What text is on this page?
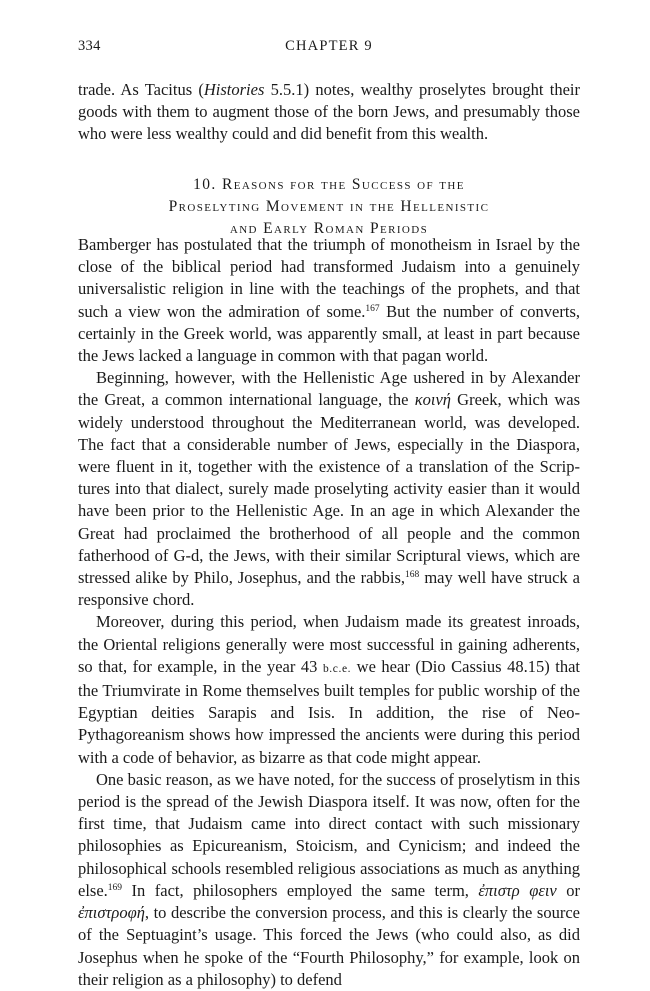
334	CHAPTER 9
trade. As Tacitus (Histories 5.5.1) notes, wealthy proselytes brought their goods with them to augment those of the born Jews, and presumably those who were less wealthy could and did benefit from this wealth.
10. Reasons for the Success of the
Proselyting Movement in the Hellenistic
and Early Roman Periods

Bamberger has postulated that the triumph of monotheism in Israel by the close of the biblical period had transformed Judaism into a genuinely universalistic religion in line with the teachings of the prophets, and that such a view won the admiration of some.$^{167}$ But the number of converts, certainly in the Greek world, was apparently small, at least in part because the Jews lacked a language in common with that pagan world.

Beginning, however, with the Hellenistic Age ushered in by Alexander the Great, a common international language, the κοινή Greek, which was widely understood throughout the Mediterranean world, was developed. The fact that a considerable number of Jews, especially in the Diaspora, were fluent in it, together with the existence of a translation of the Scriptures into that dialect, surely made proselyting activity easier than it would have been prior to the Hellenistic Age. In an age in which Alexander the Great had proclaimed the brotherhood of all people and the common fatherhood of G-d, the Jews, with their similar Scriptural views, which are stressed alike by Philo, Josephus, and the rabbis,$^{168}$ may well have struck a responsive chord.

Moreover, during this period, when Judaism made its greatest inroads, the Oriental religions generally were most successful in gaining adherents, so that, for example, in the year 43 b.c.e. we hear (Dio Cassius 48.15) that the Triumvirate in Rome themselves built temples for public worship of the Egyptian deities Sarapis and Isis. In addition, the rise of Neo-Pythagoreanism shows how impressed the ancients were during this period with a code of behavior, as bizarre as that code might appear.

One basic reason, as we have noted, for the success of proselytism in this period is the spread of the Jewish Diaspora itself. It was now, often for the first time, that Judaism came into direct contact with such missionary philosophies as Epicureanism, Stoicism, and Cynicism; and indeed the philosophical schools resembled religious associations as much as anything else.$^{169}$ In fact, philosophers employed the same term, ἐπιστρ φειν or ἐπιστροφή, to describe the conversion process, and this is clearly the source of the Septuagint’s usage. This forced the Jews (who could also, as did Josephus when he spoke of the “Fourth Philosophy,” for example, look on their religion as a philosophy) to defend
